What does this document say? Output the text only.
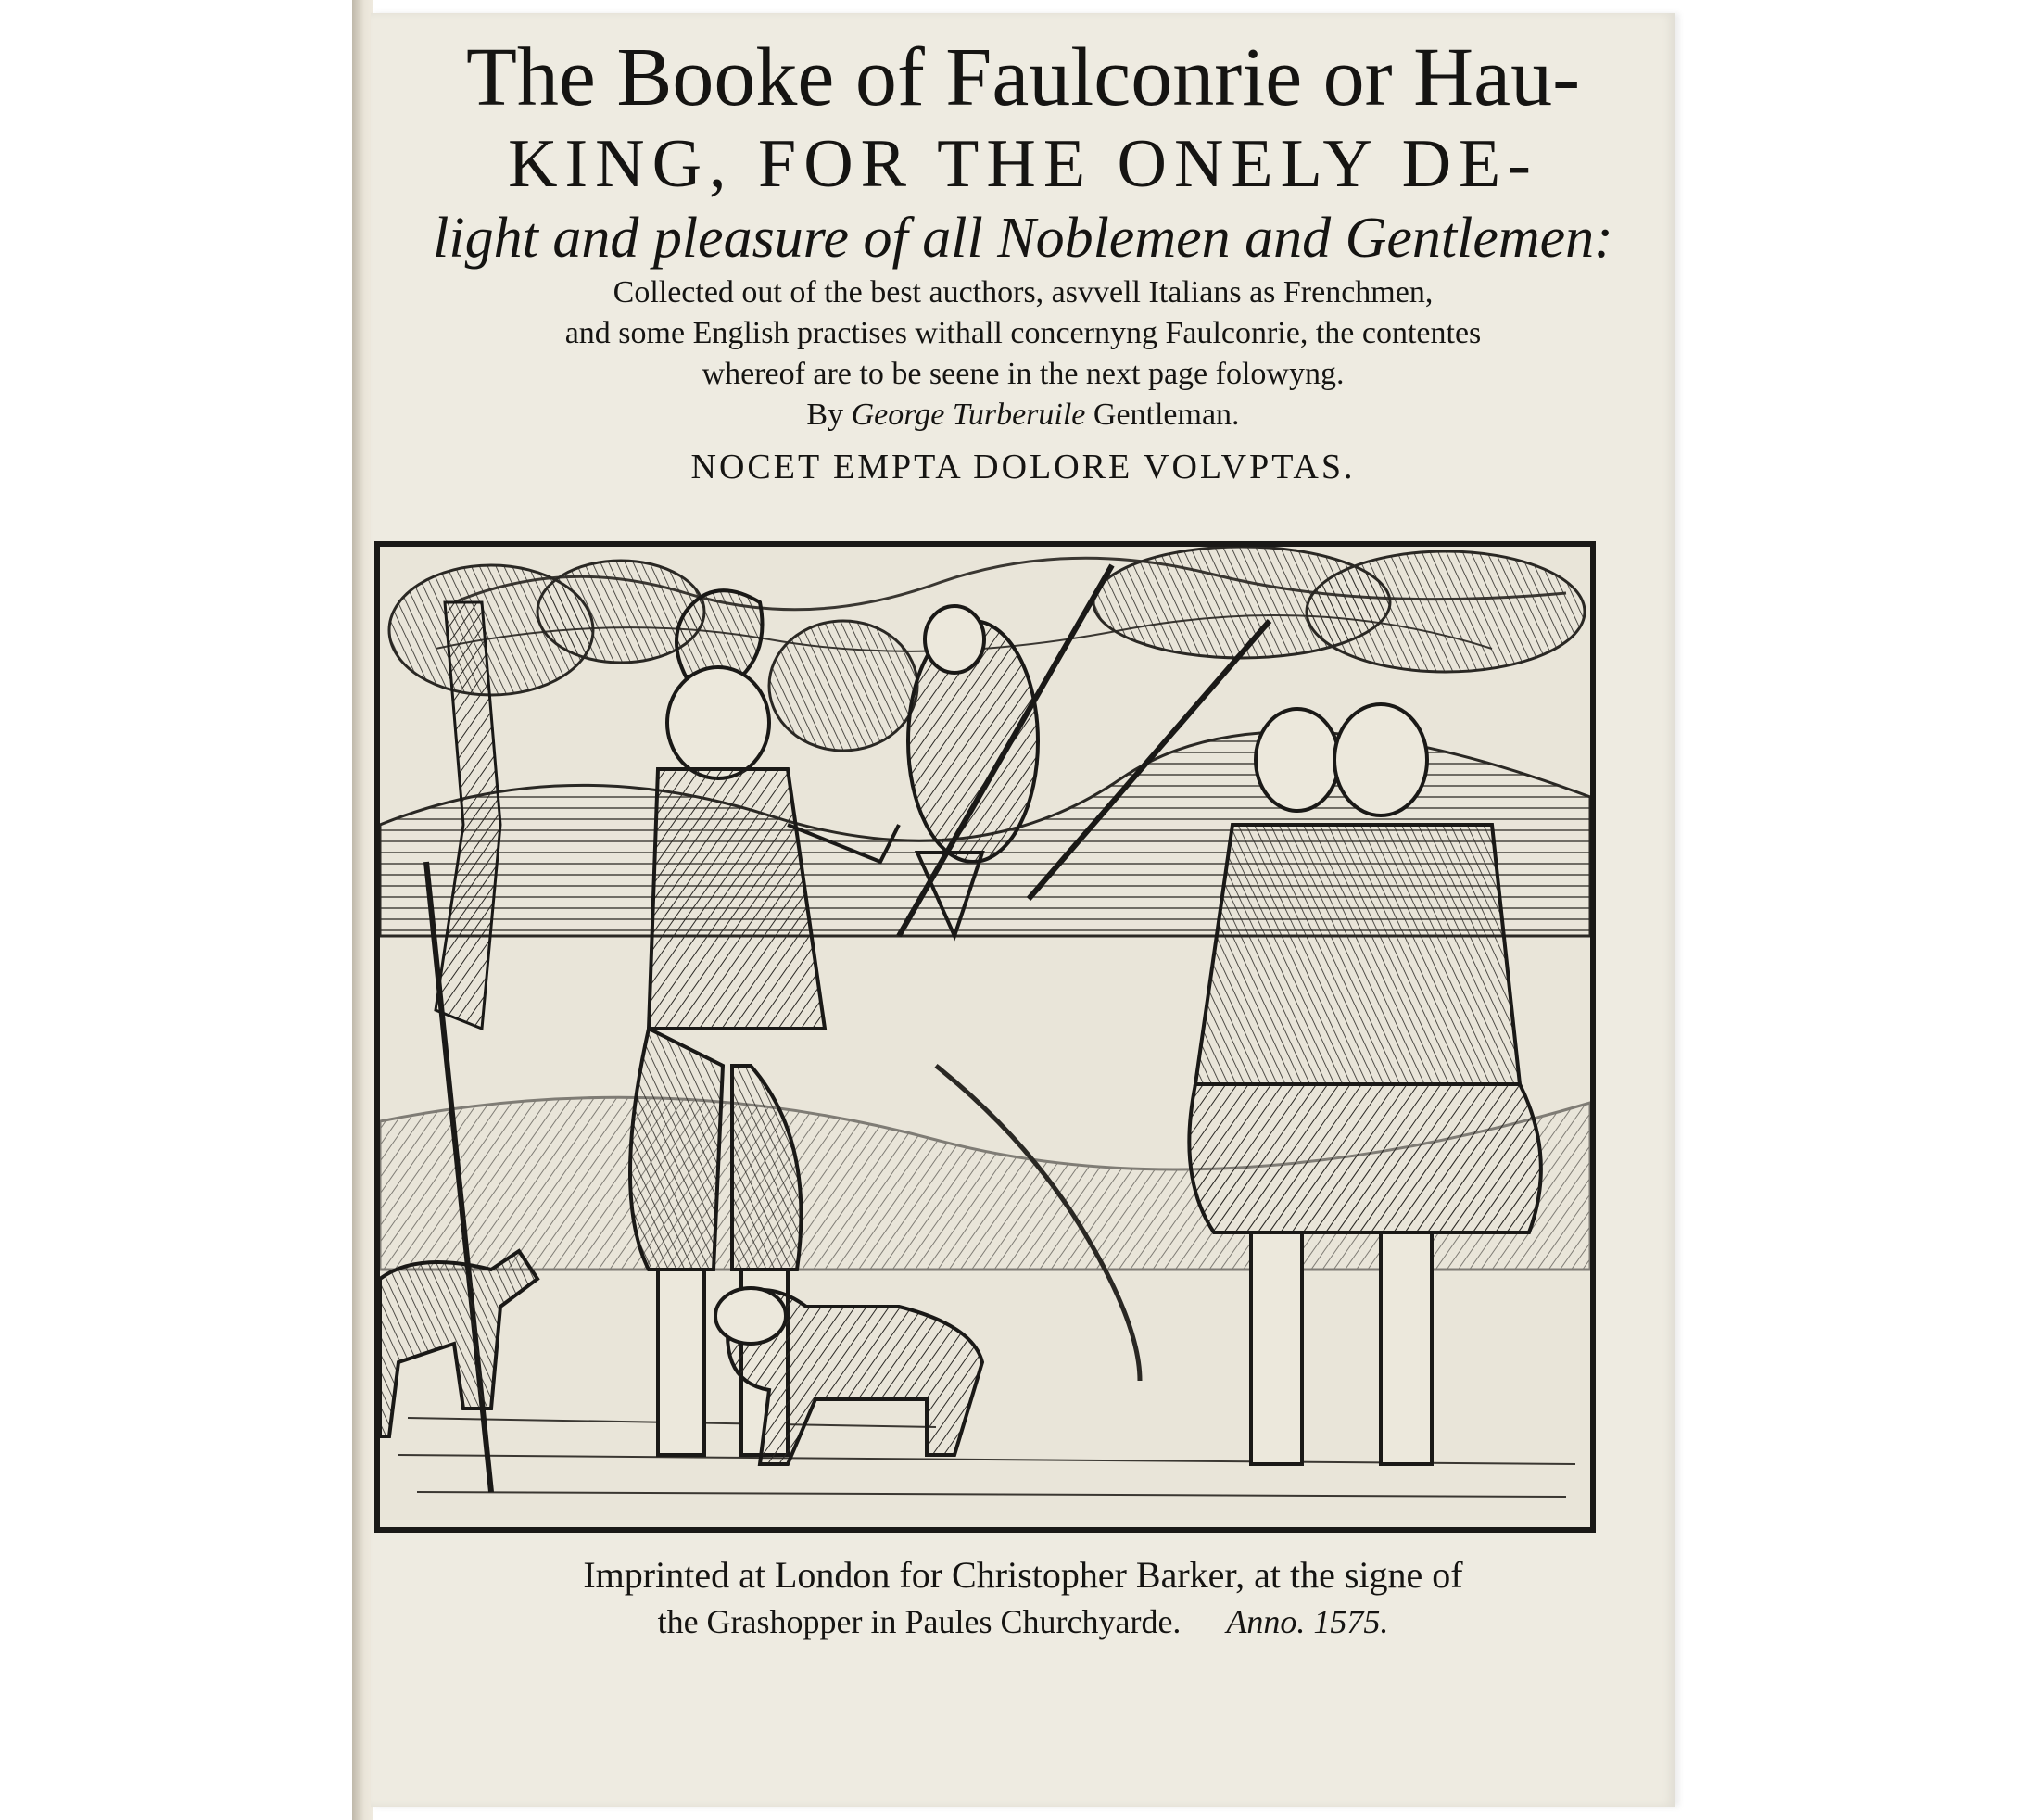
The Booke of Faulconrie or Hau-
KING, FOR THE ONELY DE-
light and pleasure of all Noblemen and Gentlemen:
Collected out of the best aucthors, asvvell Italians as Frenchmen,
and some English practises withall concernyng Faulconrie, the contentes
whereof are to be seene in the next page folowyng.
By George Turberuile Gentleman.
NOCET EMPTA DOLORE VOLVPTAS.
Imprinted at London for Christopher Barker, at the signe of
the Grashopper in Paules Churchyarde. Anno. 1575.
